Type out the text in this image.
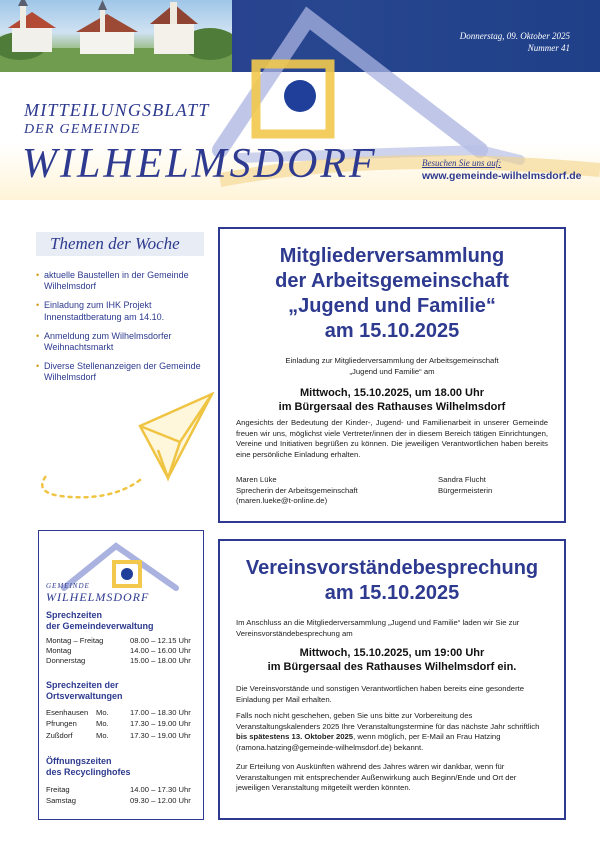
Donnerstag, 09. Oktober 2025
Nummer 41
MITTEILUNGSBLATT
DER GEMEINDE
WILHELMSDORF	Besuchen Sie uns auf:
www.gemeinde-wilhelmsdorf.de
Themen der Woche
• aktuelle Baustellen in der Gemeinde Wilhelmsdorf
• Einladung zum IHK Projekt Innenstadtberatung am 14.10.
• Anmeldung zum Wilhelmsdorfer Weihnachtsmarkt
• Diverse Stellenanzeigen der Gemeinde Wilhelmsdorf
Mitgliederversammlung
der Arbeitsgemeinschaft
„Jugend und Familie“
am 15.10.2025
Einladung zur Mitgliederversammlung der Arbeitsgemeinschaft
„Jugend und Familie“ am
Mittwoch, 15.10.2025, um 18.00 Uhr
im Bürgersaal des Rathauses Wilhelmsdorf
Angesichts der Bedeutung der Kinder-, Jugend- und Familienarbeit in unserer Gemeinde freuen wir uns, möglichst viele Vertreter/innen der in diesem Bereich tätigen Einrichtungen, Vereine und Initiativen begrüßen zu können. Die jeweiligen Verantwortlichen haben bereits eine persönliche Einladung erhalten.
Maren Lüke
Sprecherin der Arbeitsgemeinschaft
(maren.lueke@t-online.de)
Sandra Flucht
Bürgermeisterin
Vereinsvorständebesprechung
am 15.10.2025
Im Anschluss an die Mitgliederversammlung „Jugend und Familie“ laden wir Sie zur Vereinsvorständebesprechung am
Mittwoch, 15.10.2025, um 19:00 Uhr
im Bürgersaal des Rathauses Wilhelmsdorf ein.
Die Vereinsvorstände und sonstigen Verantwortlichen haben bereits eine gesonderte Einladung per Mail erhalten.
Falls noch nicht geschehen, geben Sie uns bitte zur Vorbereitung des Veranstaltungskalenders 2025 Ihre Veranstaltungstermine für das nächste Jahr schriftlich bis spätestens 13. Oktober 2025, wenn möglich, per E-Mail an Frau Hatzing (ramona.hatzing@gemeinde-wilhelmsdorf.de) bekannt.
Zur Erteilung von Auskünften während des Jahres wären wir dankbar, wenn für Veranstaltungen mit entsprechender Außenwirkung auch Beginn/Ende und Ort der jeweiligen Veranstaltung mitgeteilt werden könnten.
GEMEINDE
WILHELMSDORF
Sprechzeiten
der Gemeindeverwaltung
Montag – Freitag	08.00 – 12.15 Uhr
Montag	14.00 – 16.00 Uhr
Donnerstag	15.00 – 18.00 Uhr
Sprechzeiten der
Ortsverwaltungen
Esenhausen Mo.	17.00 – 18.30 Uhr
Pfrungen	Mo.	17.30 – 19.00 Uhr
Zußdorf	Mo.	17.30 – 19.00 Uhr
Öffnungszeiten
des Recyclinghofes
Freitag	14.00 – 17.30 Uhr
Samstag	09.30 – 12.00 Uhr
